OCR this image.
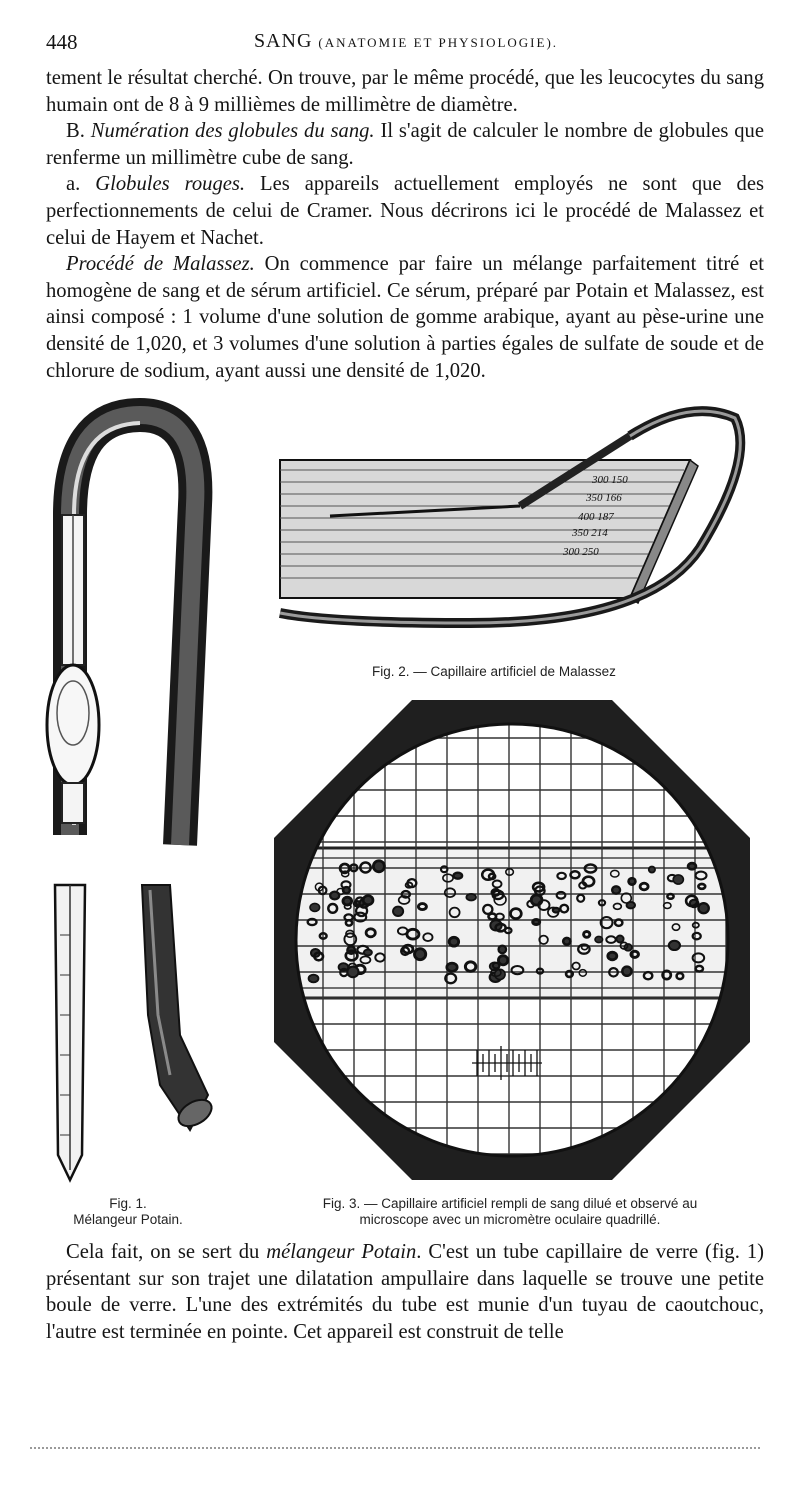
448	SANG (ANATOMIE ET PHYSIOLOGIE).

tement le résultat cherché. On trouve, par le même procédé, que les leucocytes du sang humain ont de 8 à 9 millièmes de millimètre de diamètre.

B. Numération des globules du sang. Il s'agit de calculer le nombre de globules que renferme un millimètre cube de sang.

a. Globules rouges. Les appareils actuellement employés ne sont que des perfectionnements de celui de Cramer. Nous décrirons ici le procédé de Malassez et celui de Hayem et Nachet.

Procédé de Malassez. On commence par faire un mélange parfaitement titré et homogène de sang et de sérum artificiel. Ce sérum, préparé par Potain et Malassez, est ainsi composé : 1 volume d'une solution de gomme arabique, ayant au pèse-urine une densité de 1,020, et 3 volumes d'une solution à parties égales de sulfate de soude et de chlorure de sodium, ayant aussi une densité de 1,020.

300 150
350 166
400 187
350 214
300 250
Fig. 2. — Capillaire artificiel de Malassez
Fig. 1.
Mélangeur Potain.
Fig. 3. — Capillaire artificiel rempli de sang dilué et observé au
microscope avec un micromètre oculaire quadrillé.

Cela fait, on se sert du mélangeur Potain. C'est un tube capillaire de verre (fig. 1) présentant sur son trajet une dilatation ampullaire dans laquelle se trouve une petite boule de verre. L'une des extrémités du tube est munie d'un tuyau de caoutchouc, l'autre est terminée en pointe. Cet appareil est construit de telle
